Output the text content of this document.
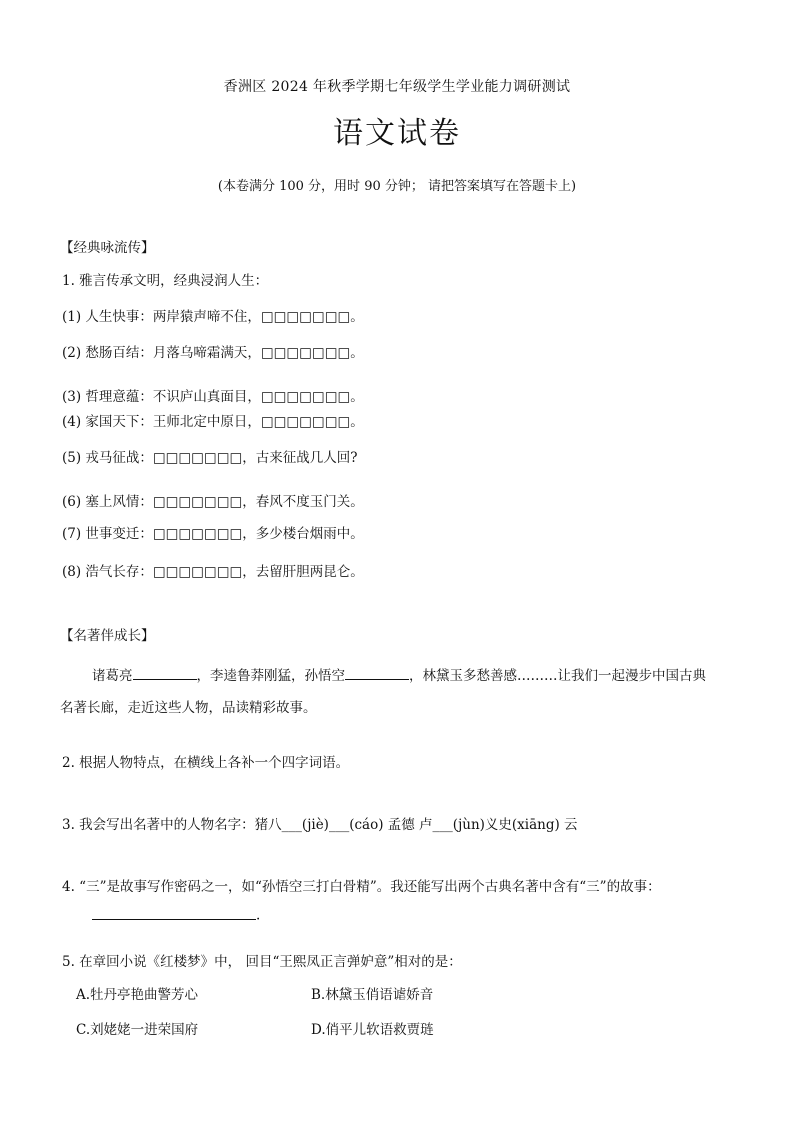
香洲区 2024 年秋季学期七年级学生学业能力调研测试
语文试卷
(本卷满分 100 分，用时 90 分钟； 请把答案填写在答题卡上)
【经典咏流传】
1. 雅言传承文明，经典浸润人生：
(1) 人生快事：两岸猿声啼不住，□□□□□□□。
(2) 愁肠百结：月落乌啼霜满天，□□□□□□□。
(3) 哲理意蕴：不识庐山真面目，□□□□□□□。
(4) 家国天下：王师北定中原日，□□□□□□□。
(5) 戎马征战：□□□□□□□，古来征战几人回?
(6) 塞上风情：□□□□□□□，春风不度玉门关。
(7) 世事变迁：□□□□□□□，多少楼台烟雨中。
(8) 浩气长存：□□□□□□□，去留肝胆两昆仑。
【名著伴成长】
诸葛亮	，李逵鲁莽刚猛，孙悟空	，林黛玉多愁善感………让我们一起漫步中国古典
名著长廊，走近这些人物，品读精彩故事。
2. 根据人物特点，在横线上各补一个四字词语。
3. 我会写出名著中的人物名字：猪八___(jiè)___(cáo) 孟德 卢___(jùn)义史(xiāng) 云
4. “三”是故事写作密码之一，如“孙悟空三打白骨精”。我还能写出两个古典名著中含有“三”的故事：
.
5. 在章回小说《红楼梦》中， 回目“王熙凤正言弹妒意”相对的是：
A.牡丹亭艳曲警芳心	B.林黛玉俏语谑娇音
C.刘姥姥一进荣国府	D.俏平儿软语救贾琏
